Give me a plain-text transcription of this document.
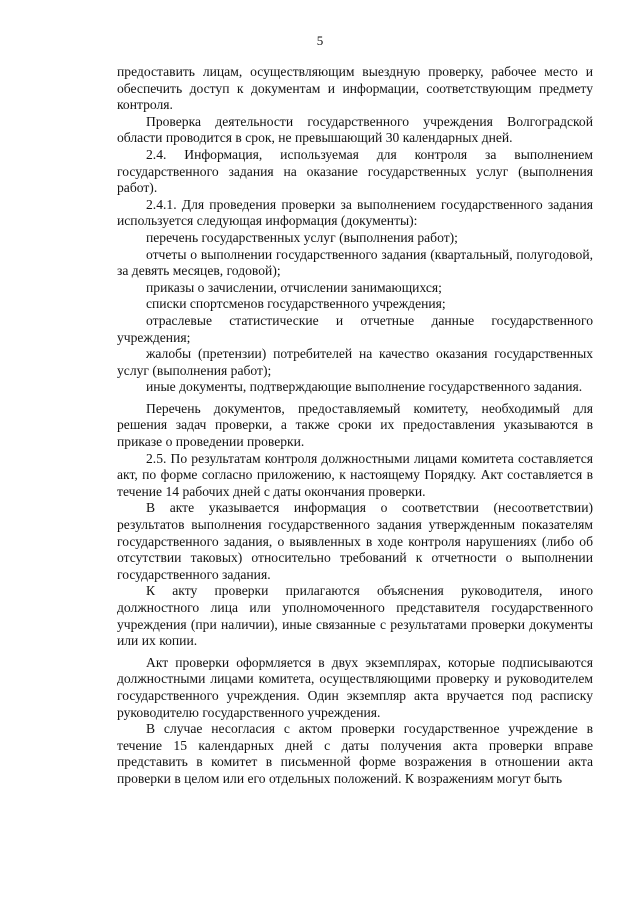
5

предоставить лицам, осуществляющим выездную проверку, рабочее место и обеспечить доступ к документам и информации, соответствующим предмету контроля.

Проверка деятельности государственного учреждения Волгоградской области проводится в срок, не превышающий 30 календарных дней.

2.4. Информация, используемая для контроля за выполнением государственного задания на оказание государственных услуг (выполнения работ).

2.4.1. Для проведения проверки за выполнением государственного задания используется следующая информация (документы):

перечень государственных услуг (выполнения работ);

отчеты о выполнении государственного задания (квартальный, полугодовой, за девять месяцев, годовой);

приказы о зачислении, отчислении занимающихся;

списки спортсменов государственного учреждения;

отраслевые статистические и отчетные данные государственного учреждения;

жалобы (претензии) потребителей на качество оказания государственных услуг (выполнения работ);

иные документы, подтверждающие выполнение государственного задания.

Перечень документов, предоставляемый комитету, необходимый для решения задач проверки, а также сроки их предоставления указываются в приказе о проведении проверки.

2.5. По результатам контроля должностными лицами комитета составляется акт, по форме согласно приложению, к настоящему Порядку. Акт составляется в течение 14 рабочих дней с даты окончания проверки.

В акте указывается информация о соответствии (несоответствии) результатов выполнения государственного задания утвержденным показателям государственного задания, о выявленных в ходе контроля нарушениях (либо об отсутствии таковых) относительно требований к отчетности о выполнении государственного задания.

К акту проверки прилагаются объяснения руководителя, иного должностного лица или уполномоченного представителя государственного учреждения (при наличии), иные связанные с результатами проверки документы или их копии.

Акт проверки оформляется в двух экземплярах, которые подписываются должностными лицами комитета, осуществляющими проверку и руководителем государственного учреждения. Один экземпляр акта вручается под расписку руководителю государственного учреждения.

В случае несогласия с актом проверки государственное учреждение в течение 15 календарных дней с даты получения акта проверки вправе представить в комитет в письменной форме возражения в отношении акта проверки в целом или его отдельных положений. К возражениям могут быть
